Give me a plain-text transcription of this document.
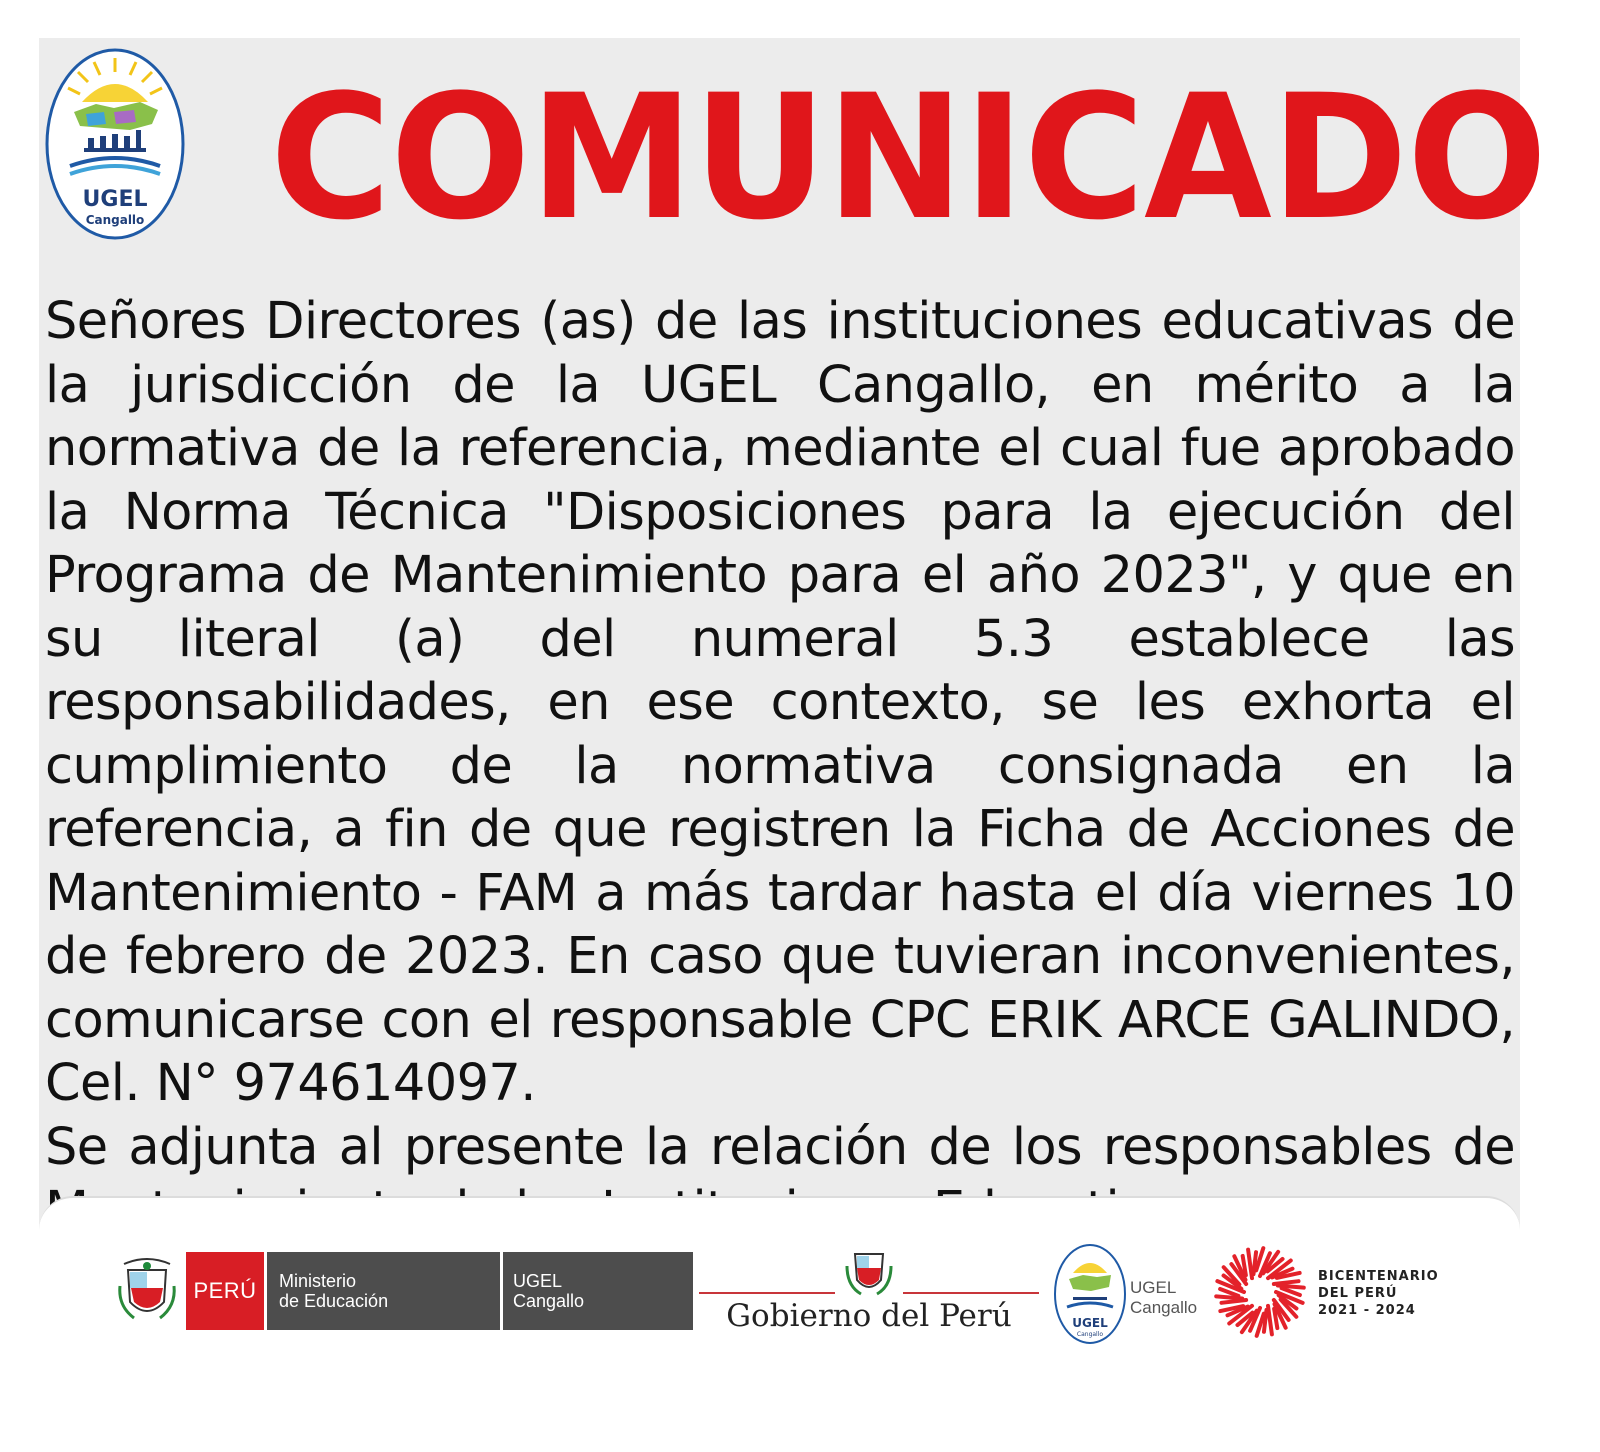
UGEL
Cangallo COMUNICADO

Señores Directores (as) de las instituciones educativas de la jurisdicción de la UGEL Cangallo, en mérito a la normativa de la referencia, mediante el cual fue aprobado la Norma Técnica "Disposiciones para la ejecución del Programa de Mantenimiento para el año 2023", y que en su literal (a) del numeral 5.3 establece las responsabilidades, en ese contexto, se les exhorta el cumplimiento de la normativa consignada en la referencia, a fin de que registren la Ficha de Acciones de Mantenimiento - FAM a más tardar hasta el día viernes 10 de febrero de 2023. En caso que tuvieran inconvenientes, comunicarse con el responsable CPC ERIK ARCE GALINDO, Cel. N° 974614097.

Se adjunta al presente la relación de los responsables de

PERÚ	Ministerio
de Educación
UGEL
Cangallo	Gobierno del Perú	UGEL
Cangallo
UGEL
Cangallo
BICENTENARIO
DEL PERÚ
2021 - 2024
